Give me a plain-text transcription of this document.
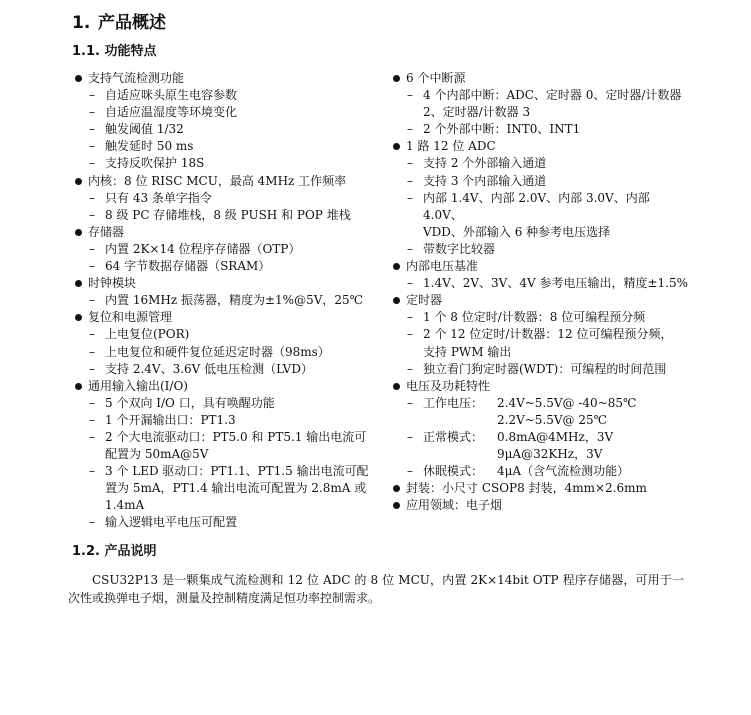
1. 产品概述
1.1. 功能特点
支持气流检测功能
– 自适应咪头原生电容参数
– 自适应温湿度等环境变化
– 触发阈值 1/32
– 触发延时 50 ms
– 支持反吹保护 18S
内核：8 位 RISC MCU，最高 4MHz 工作频率
– 只有 43 条单字指令
– 8 级 PC 存储堆栈，8 级 PUSH 和 POP 堆栈
存储器
– 内置 2K×14 位程序存储器（OTP）
– 64 字节数据存储器（SRAM）
时钟模块
– 内置 16MHz 振荡器，精度为±1%@5V，25℃
复位和电源管理
– 上电复位(POR)
– 上电复位和硬件复位延迟定时器（98ms）
– 支持 2.4V、3.6V 低电压检测（LVD）
通用输入输出(I/O)
– 5 个双向 I/O 口，具有唤醒功能
– 1 个开漏输出口：PT1.3
– 2 个大电流驱动口：PT5.0 和 PT5.1 输出电流可
配置为 50mA@5V
– 3 个 LED 驱动口：PT1.1、PT1.5 输出电流可配
置为 5mA，PT1.4 输出电流可配置为 2.8mA 或
1.4mA
– 输入逻辑电平电压可配置
6 个中断源
– 4 个内部中断：ADC、定时器 0、定时器/计数器
2、定时器/计数器 3
– 2 个外部中断：INT0、INT1
1 路 12 位 ADC
– 支持 2 个外部输入通道
– 支持 3 个内部输入通道
– 内部 1.4V、内部 2.0V、内部 3.0V、内部 4.0V、
VDD、外部输入 6 种参考电压选择
– 带数字比较器
内部电压基准
– 1.4V、2V、3V、4V 参考电压输出，精度±1.5%
定时器
– 1 个 8 位定时/计数器：8 位可编程预分频
– 2 个 12 位定时/计数器：12 位可编程预分频，
支持 PWM 输出
– 独立看门狗定时器(WDT)：可编程的时间范围
电压及功耗特性
– 工作电压： 2.4V~5.5V@ -40~85℃
2.2V~5.5V@ 25℃
– 正常模式： 0.8mA@4MHz，3V
9μA@32KHz，3V
– 休眠模式： 4μA（含气流检测功能）
封装：小尺寸 CSOP8 封装，4mm×2.6mm
应用领域：电子烟
1.2. 产品说明
CSU32P13 是一颗集成气流检测和 12 位 ADC 的 8 位 MCU，内置 2K×14bit OTP 程序存储器，可用于一次性或换弹电子烟，测量及控制精度满足恒功率控制需求。
